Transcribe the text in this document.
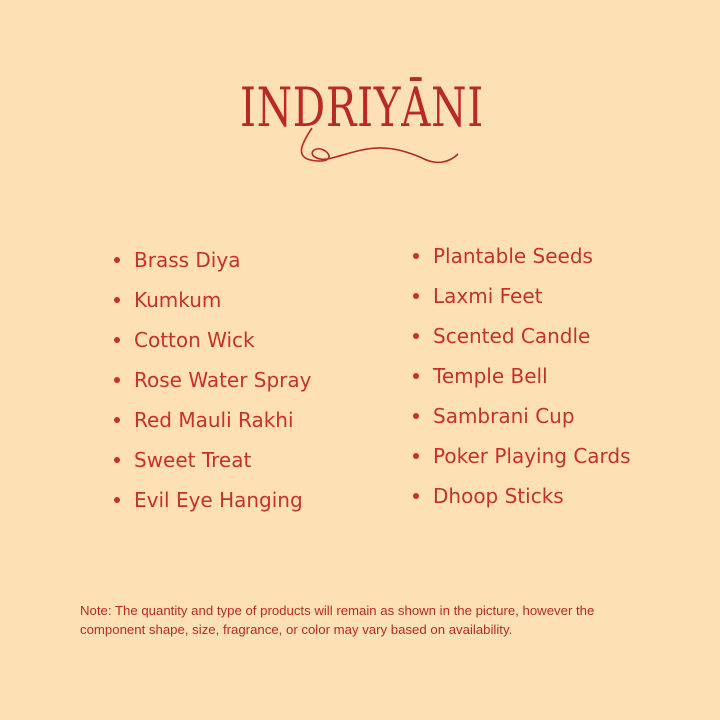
INDRIYĀNI
Brass Diya
Kumkum
Cotton Wick
Rose Water Spray
Red Mauli Rakhi
Sweet Treat
Evil Eye Hanging
Plantable Seeds
Laxmi Feet
Scented Candle
Temple Bell
Sambrani Cup
Poker Playing Cards
Dhoop Sticks

Note: The quantity and type of products will remain as shown in the picture, however the component shape, size, fragrance, or color may vary based on availability.
